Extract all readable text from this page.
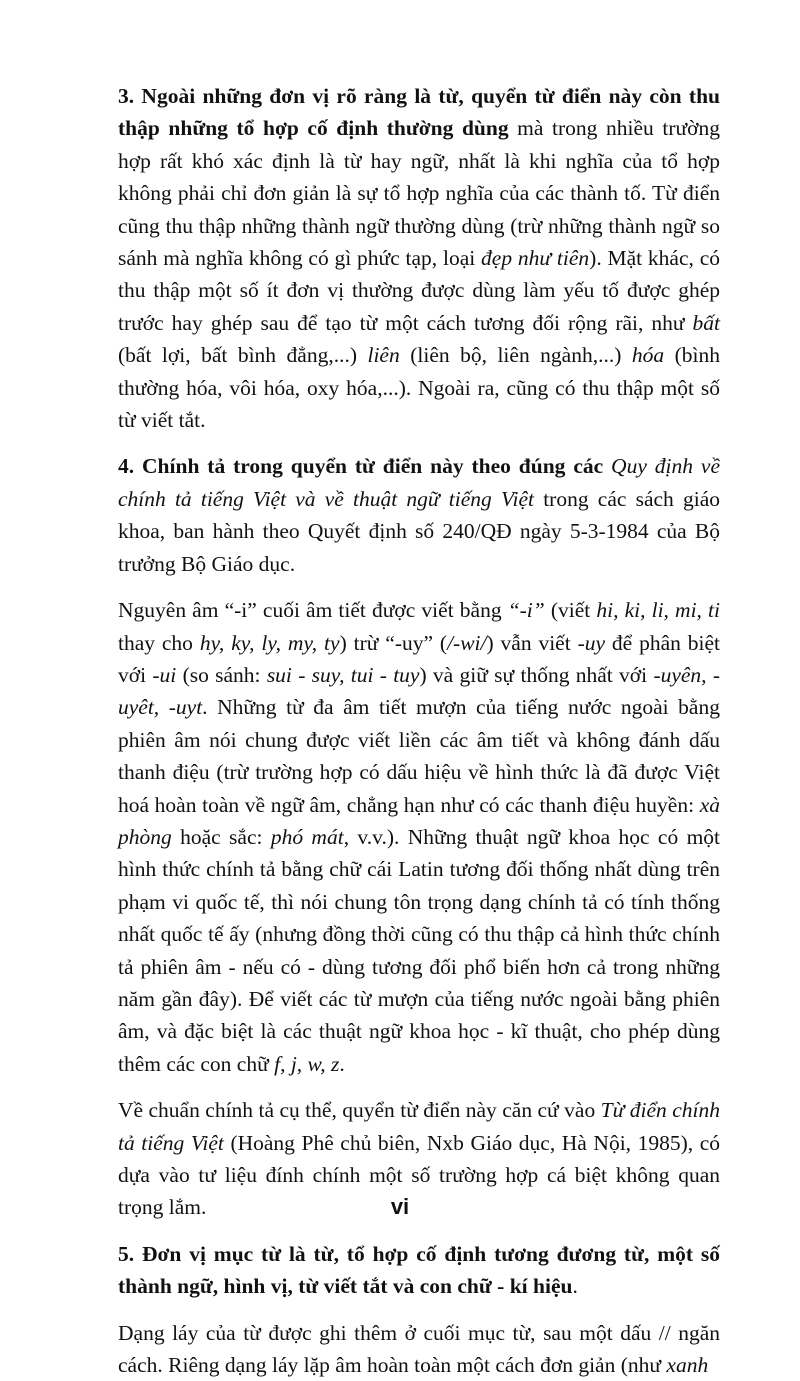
3. Ngoài những đơn vị rõ ràng là từ, quyển từ điển này còn thu thập những tổ hợp cố định thường dùng mà trong nhiều trường hợp rất khó xác định là từ hay ngữ, nhất là khi nghĩa của tổ hợp không phải chỉ đơn giản là sự tổ hợp nghĩa của các thành tố. Từ điển cũng thu thập những thành ngữ thường dùng (trừ những thành ngữ so sánh mà nghĩa không có gì phức tạp, loại đẹp như tiên). Mặt khác, có thu thập một số ít đơn vị thường được dùng làm yếu tố được ghép trước hay ghép sau để tạo từ một cách tương đối rộng rãi, như bất (bất lợi, bất bình đẳng,...) liên (liên bộ, liên ngành,...) hóa (bình thường hóa, vôi hóa, oxy hóa,...). Ngoài ra, cũng có thu thập một số từ viết tắt.

4. Chính tả trong quyển từ điển này theo đúng các Quy định về chính tả tiếng Việt và về thuật ngữ tiếng Việt trong các sách giáo khoa, ban hành theo Quyết định số 240/QĐ ngày 5-3-1984 của Bộ trưởng Bộ Giáo dục.

Nguyên âm “-i” cuối âm tiết được viết bằng “-i” (viết hi, ki, li, mi, ti thay cho hy, ky, ly, my, ty) trừ “-uy” (/-wi/) vẫn viết -uy để phân biệt với -ui (so sánh: sui - suy, tui - tuy) và giữ sự thống nhất với -uyên, -uyêt, -uyt. Những từ đa âm tiết mượn của tiếng nước ngoài bằng phiên âm nói chung được viết liền các âm tiết và không đánh dấu thanh điệu (trừ trường hợp có dấu hiệu về hình thức là đã được Việt hoá hoàn toàn về ngữ âm, chẳng hạn như có các thanh điệu huyền: xà phòng hoặc sắc: phó mát, v.v.). Những thuật ngữ khoa học có một hình thức chính tả bằng chữ cái Latin tương đối thống nhất dùng trên phạm vi quốc tế, thì nói chung tôn trọng dạng chính tả có tính thống nhất quốc tế ấy (nhưng đồng thời cũng có thu thập cả hình thức chính tả phiên âm - nếu có - dùng tương đối phổ biến hơn cả trong những năm gần đây). Để viết các từ mượn của tiếng nước ngoài bằng phiên âm, và đặc biệt là các thuật ngữ khoa học - kĩ thuật, cho phép dùng thêm các con chữ f, j, w, z.

Về chuẩn chính tả cụ thể, quyển từ điển này căn cứ vào Từ điển chính tả tiếng Việt (Hoàng Phê chủ biên, Nxb Giáo dục, Hà Nội, 1985), có dựa vào tư liệu đính chính một số trường hợp cá biệt không quan trọng lắm.

5. Đơn vị mục từ là từ, tổ hợp cố định tương đương từ, một số thành ngữ, hình vị, từ viết tắt và con chữ - kí hiệu.

Dạng láy của từ được ghi thêm ở cuối mục từ, sau một dấu // ngăn cách. Riêng dạng láy lặp âm hoàn toàn một cách đơn giản (như xanh

vi
